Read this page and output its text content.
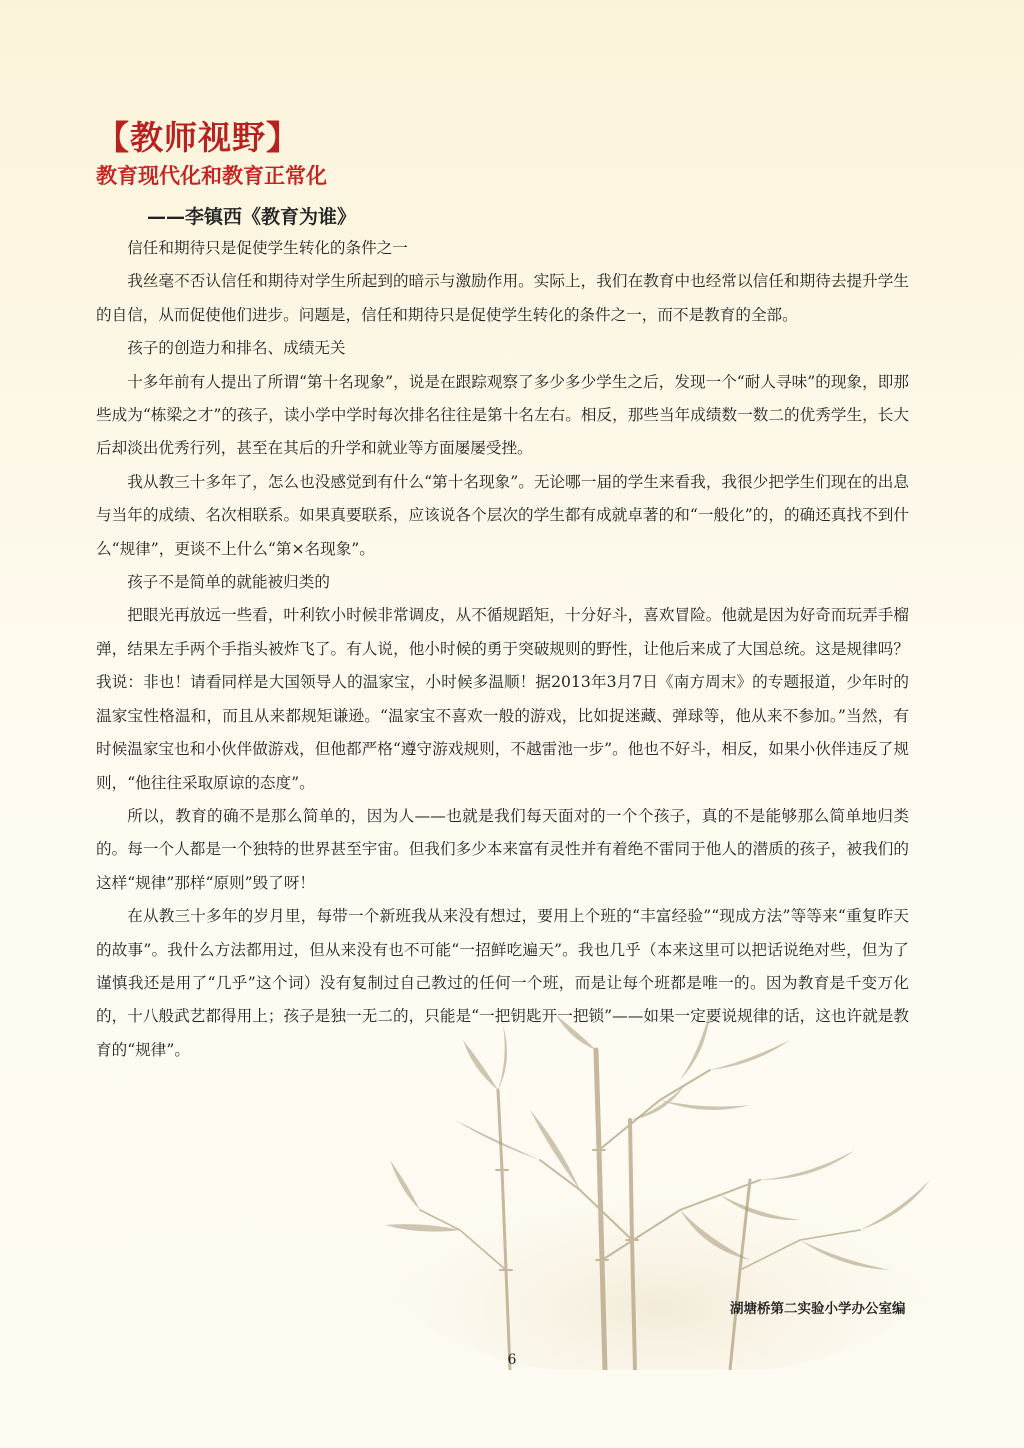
【教师视野】
教育现代化和教育正常化
——李镇西《教育为谁》

信任和期待只是促使学生转化的条件之一

我丝毫不否认信任和期待对学生所起到的暗示与激励作用。实际上，我们在教育中也经常以信任和期待去提升学生的自信，从而促使他们进步。问题是，信任和期待只是促使学生转化的条件之一，而不是教育的全部。

孩子的创造力和排名、成绩无关

十多年前有人提出了所谓“第十名现象”，说是在跟踪观察了多少多少学生之后，发现一个“耐人寻味”的现象，即那些成为“栋梁之才”的孩子，读小学中学时每次排名往往是第十名左右。相反，那些当年成绩数一数二的优秀学生，长大后却淡出优秀行列，甚至在其后的升学和就业等方面屡屡受挫。

我从教三十多年了，怎么也没感觉到有什么“第十名现象”。无论哪一届的学生来看我，我很少把学生们现在的出息与当年的成绩、名次相联系。如果真要联系，应该说各个层次的学生都有成就卓著的和“一般化”的，的确还真找不到什么“规律”，更谈不上什么“第×名现象”。

孩子不是简单的就能被归类的

把眼光再放远一些看，叶利钦小时候非常调皮，从不循规蹈矩，十分好斗，喜欢冒险。他就是因为好奇而玩弄手榴弹，结果左手两个手指头被炸飞了。有人说，他小时候的勇于突破规则的野性，让他后来成了大国总统。这是规律吗？我说：非也！请看同样是大国领导人的温家宝，小时候多温顺！据2013年3月7日《南方周末》的专题报道，少年时的温家宝性格温和，而且从来都规矩谦逊。“温家宝不喜欢一般的游戏，比如捉迷藏、弹球等，他从来不参加。”当然，有时候温家宝也和小伙伴做游戏，但他都严格“遵守游戏规则，不越雷池一步”。他也不好斗，相反，如果小伙伴违反了规则，“他往往采取原谅的态度”。

所以，教育的确不是那么简单的，因为人——也就是我们每天面对的一个个孩子，真的不是能够那么简单地归类的。每一个人都是一个独特的世界甚至宇宙。但我们多少本来富有灵性并有着绝不雷同于他人的潜质的孩子，被我们的这样“规律”那样“原则”毁了呀！

在从教三十多年的岁月里，每带一个新班我从来没有想过，要用上个班的“丰富经验”“现成方法”等等来“重复昨天的故事”。我什么方法都用过，但从来没有也不可能“一招鲜吃遍天”。我也几乎（本来这里可以把话说绝对些，但为了谨慎我还是用了“几乎”这个词）没有复制过自己教过的任何一个班，而是让每个班都是唯一的。因为教育是千变万化的，十八般武艺都得用上；孩子是独一无二的，只能是“一把钥匙开一把锁”——如果一定要说规律的话，这也许就是教育的“规律”。

湖塘桥第二实验小学办公室编
6
